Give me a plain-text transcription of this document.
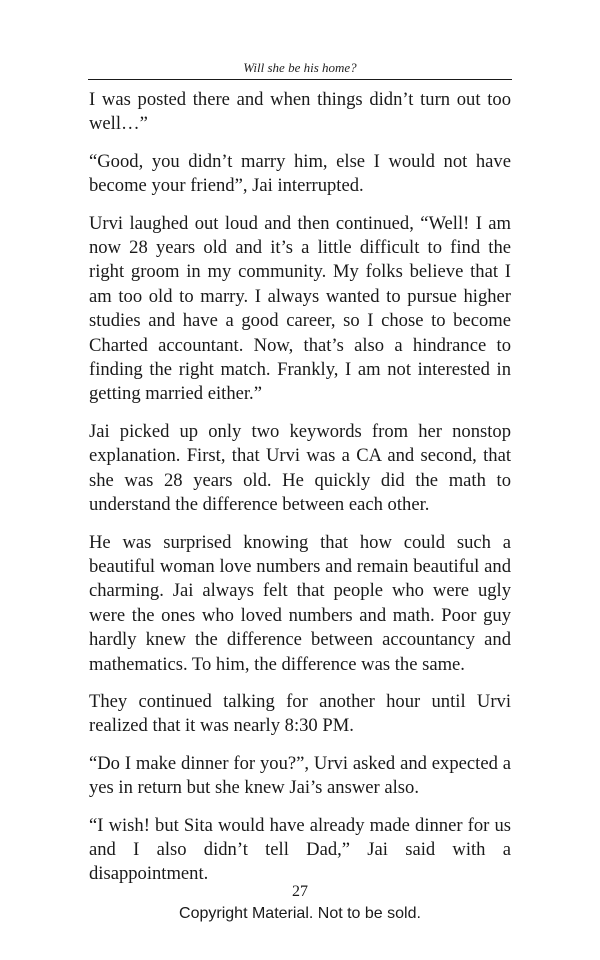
Will she be his home?

I was posted there and when things didn’t turn out too well…”

“Good, you didn’t marry him, else I would not have become your friend”, Jai interrupted.

Urvi laughed out loud and then continued, “Well! I am now 28 years old and it’s a little difficult to find the right groom in my community. My folks believe that I am too old to marry. I always wanted to pursue higher studies and have a good career, so I chose to become Charted accountant. Now, that’s also a hindrance to finding the right match. Frankly, I am not interested in getting married either.”

Jai picked up only two keywords from her nonstop explanation. First, that Urvi was a CA and second, that she was 28 years old. He quickly did the math to understand the difference between each other.

He was surprised knowing that how could such a beautiful woman love numbers and remain beautiful and charming. Jai always felt that people who were ugly were the ones who loved numbers and math. Poor guy hardly knew the difference between accountancy and mathematics. To him, the difference was the same.

They continued talking for another hour until Urvi realized that it was nearly 8:30 PM.

“Do I make dinner for you?”, Urvi asked and expected a yes in return but she knew Jai’s answer also.

“I wish! but Sita would have already made dinner for us and I also didn’t tell Dad,” Jai said with a disappointment.

27
Copyright Material. Not to be sold.
